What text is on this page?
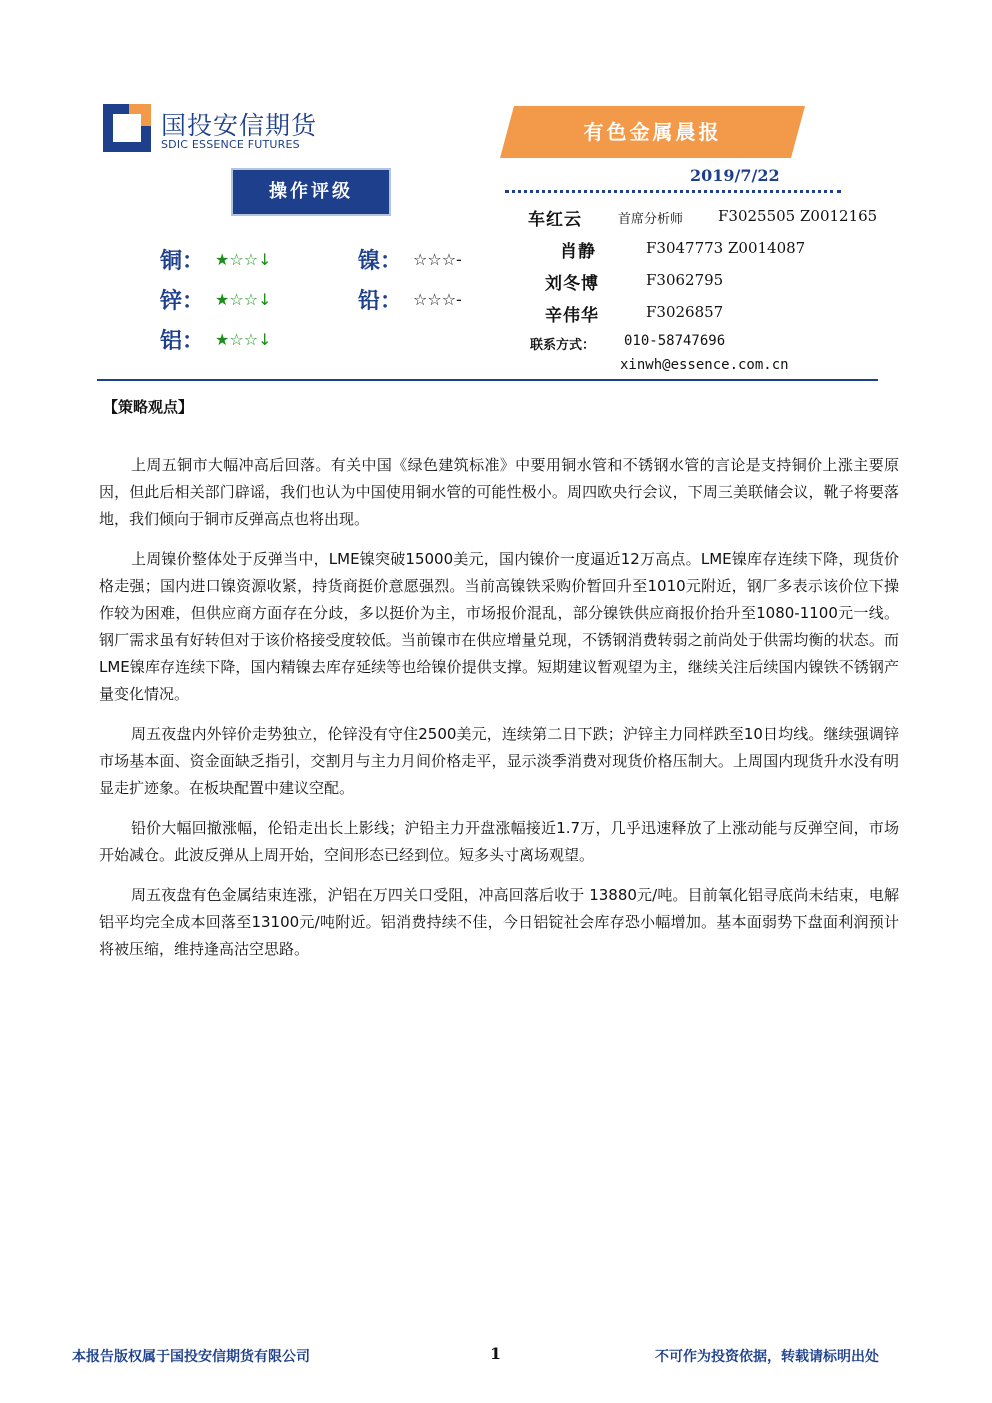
国投安信期货
SDIC ESSENCE FUTURES
有色金属晨报
2019/7/22
操作评级
铜： ★☆☆↓	镍： ☆☆☆-
锌： ★☆☆↓	铅： ☆☆☆-
铝： ★☆☆↓
车红云	首席分析师 F3025505 Z0012165
肖静	F3047773 Z0014087
刘冬博	F3062795
辛伟华	F3026857
联系方式： 010-58747696
xinwh@essence.com.cn
【策略观点】

上周五铜市大幅冲高后回落。有关中国《绿色建筑标准》中要用铜水管和不锈钢水管的言论是支持铜价上涨主要原因，但此后相关部门辟谣，我们也认为中国使用铜水管的可能性极小。周四欧央行会议，下周三美联储会议，靴子将要落地，我们倾向于铜市反弹高点也将出现。

上周镍价整体处于反弹当中，LME镍突破15000美元，国内镍价一度逼近12万高点。LME镍库存连续下降，现货价格走强；国内进口镍资源收紧，持货商挺价意愿强烈。当前高镍铁采购价暂回升至1010元附近，钢厂多表示该价位下操作较为困难，但供应商方面存在分歧，多以挺价为主，市场报价混乱，部分镍铁供应商报价抬升至1080-1100元一线。钢厂需求虽有好转但对于该价格接受度较低。当前镍市在供应增量兑现，不锈钢消费转弱之前尚处于供需均衡的状态。而LME镍库存连续下降，国内精镍去库存延续等也给镍价提供支撑。短期建议暂观望为主，继续关注后续国内镍铁不锈钢产量变化情况。

周五夜盘内外锌价走势独立，伦锌没有守住2500美元，连续第二日下跌；沪锌主力同样跌至10日均线。继续强调锌市场基本面、资金面缺乏指引，交割月与主力月间价格走平，显示淡季消费对现货价格压制大。上周国内现货升水没有明显走扩迹象。在板块配置中建议空配。

铅价大幅回撤涨幅，伦铅走出长上影线；沪铅主力开盘涨幅接近1.7万，几乎迅速释放了上涨动能与反弹空间，市场开始减仓。此波反弹从上周开始，空间形态已经到位。短多头寸离场观望。

周五夜盘有色金属结束连涨，沪铝在万四关口受阻，冲高回落后收于 13880元/吨。目前氧化铝寻底尚未结束，电解铝平均完全成本回落至13100元/吨附近。铝消费持续不佳，今日铝锭社会库存恐小幅增加。基本面弱势下盘面利润预计将被压缩，维持逢高沽空思路。

本报告版权属于国投安信期货有限公司	1	不可作为投资依据，转载请标明出处
